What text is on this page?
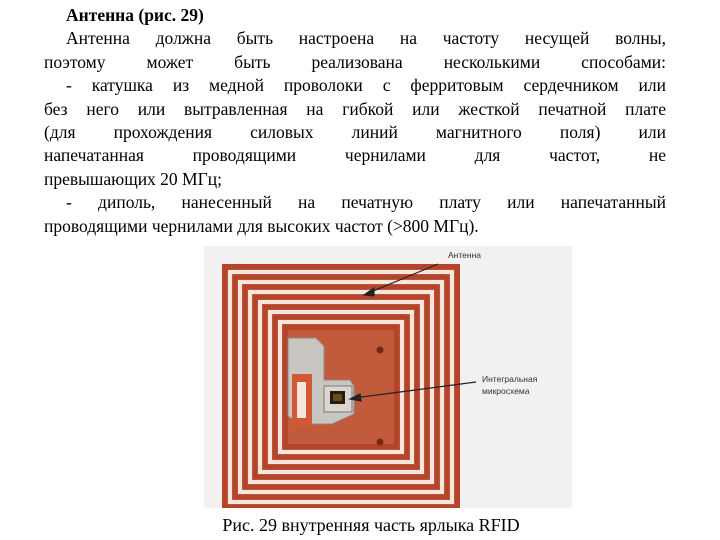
Антенна (рис. 29)
Антенна должна быть настроена на частоту несущей волны,
поэтому может быть реализована несколькими способами:
- катушка из медной проволоки с ферритовым сердечником или
без него или вытравленная на гибкой или жесткой печатной плате
(для прохождения силовых линий магнитного поля) или
напечатанная проводящими чернилами для частот, не
превышающих 20 МГц;
- диполь, нанесенный на печатную плату или напечатанный
проводящими чернилами для высоких частот (>800 МГц).
Антенна
Интегральная
микросхема
Рис. 29 внутренняя часть ярлыка RFID
